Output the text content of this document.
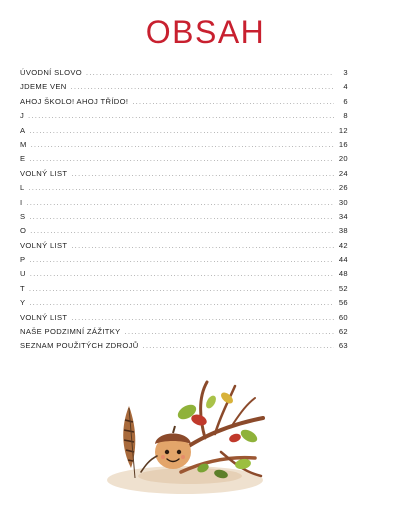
OBSAH
ÚVODNÍ SLOVO .....	3
JDEME VEN .....	4
AHOJ ŠKOLO! AHOJ TŘÍDO! .....	6
J .....	8
A .....	12
M .....	16
E .....	20
VOLNÝ LIST .....	24
L .....	26
I .....	30
S .....	34
O .....	38
VOLNÝ LIST .....	42
P .....	44
U .....	48
T .....	52
Y .....	56
VOLNÝ LIST .....	60
NAŠE PODZIMNÍ ZÁŽITKY .....	62
SEZNAM POUŽITÝCH ZDROJŮ .....	63
